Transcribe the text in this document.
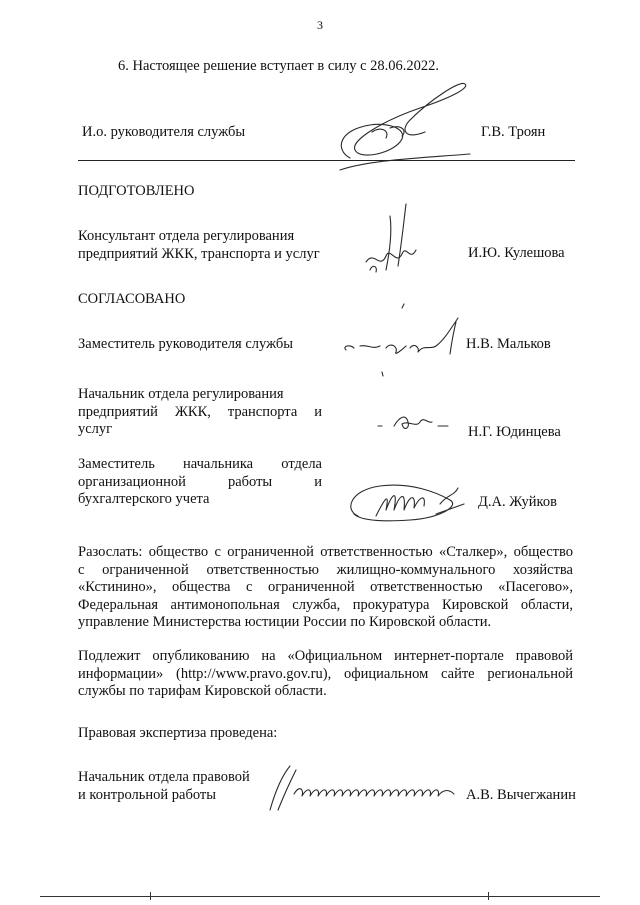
3
6. Настоящее решение вступает в силу с 28.06.2022.
И.о. руководителя службы	Г.В. Троян
ПОДГОТОВЛЕНО
Консультант отдела регулирования
предприятий ЖКК, транспорта и услуг	И.Ю. Кулешова
СОГЛАСОВАНО
Заместитель руководителя службы	Н.В. Мальков
Начальник отдела регулирования
предприятий ЖКК, транспорта и
услуг	Н.Г. Юдинцева
Заместитель начальника отдела
организационной работы и
бухгалтерского учета	Д.А. Жуйков
Разослать: общество с ограниченной ответственностью «Сталкер», общество
с ограниченной ответственностью жилищно-коммунального хозяйства
«Кстинино», общества с ограниченной ответственностью «Пасегово»,
Федеральная антимонопольная служба, прокуратура Кировской области,
управление Министерства юстиции России по Кировской области.
Подлежит опубликованию на «Официальном интернет-портале правовой
информации» (http://www.pravo.gov.ru), официальном сайте региональной
службы по тарифам Кировской области.
Правовая экспертиза проведена:
Начальник отдела правовой
и контрольной работы	А.В. Вычегжанин
